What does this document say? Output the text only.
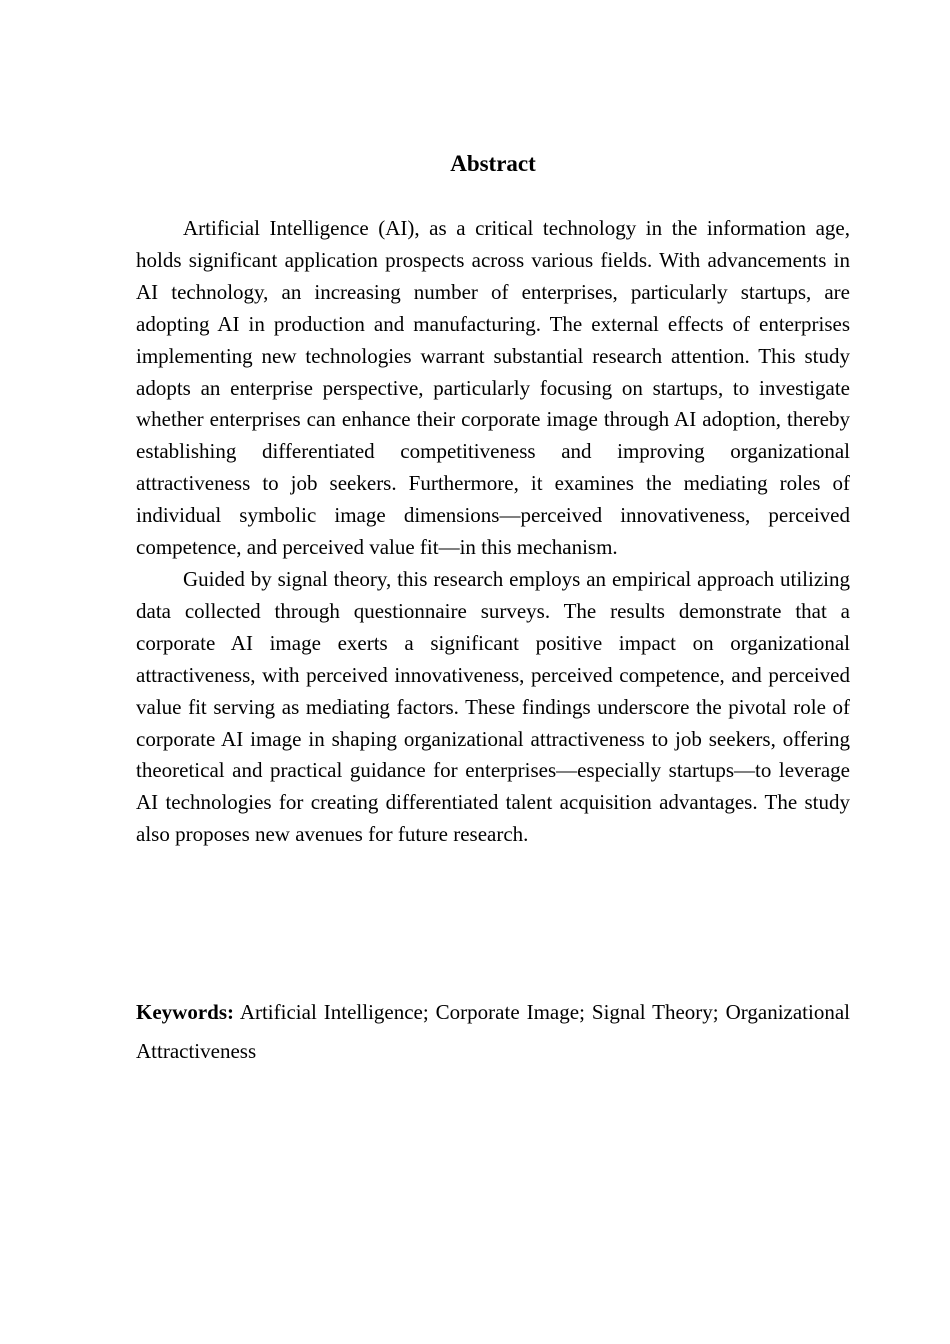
Abstract

Artificial Intelligence (AI), as a critical technology in the information age, holds significant application prospects across various fields. With advancements in AI technology, an increasing number of enterprises, particularly startups, are adopting AI in production and manufacturing. The external effects of enterprises implementing new technologies warrant substantial research attention. This study adopts an enterprise perspective, particularly focusing on startups, to investigate whether enterprises can enhance their corporate image through AI adoption, thereby establishing differentiated competitiveness and improving organizational attractiveness to job seekers. Furthermore, it examines the mediating roles of individual symbolic image dimensions—perceived innovativeness, perceived competence, and perceived value fit—in this mechanism.

Guided by signal theory, this research employs an empirical approach utilizing data collected through questionnaire surveys. The results demonstrate that a corporate AI image exerts a significant positive impact on organizational attractiveness, with perceived innovativeness, perceived competence, and perceived value fit serving as mediating factors. These findings underscore the pivotal role of corporate AI image in shaping organizational attractiveness to job seekers, offering theoretical and practical guidance for enterprises—especially startups—to leverage AI technologies for creating differentiated talent acquisition advantages. The study also proposes new avenues for future research.

Keywords: Artificial Intelligence; Corporate Image; Signal Theory; Organizational Attractiveness
